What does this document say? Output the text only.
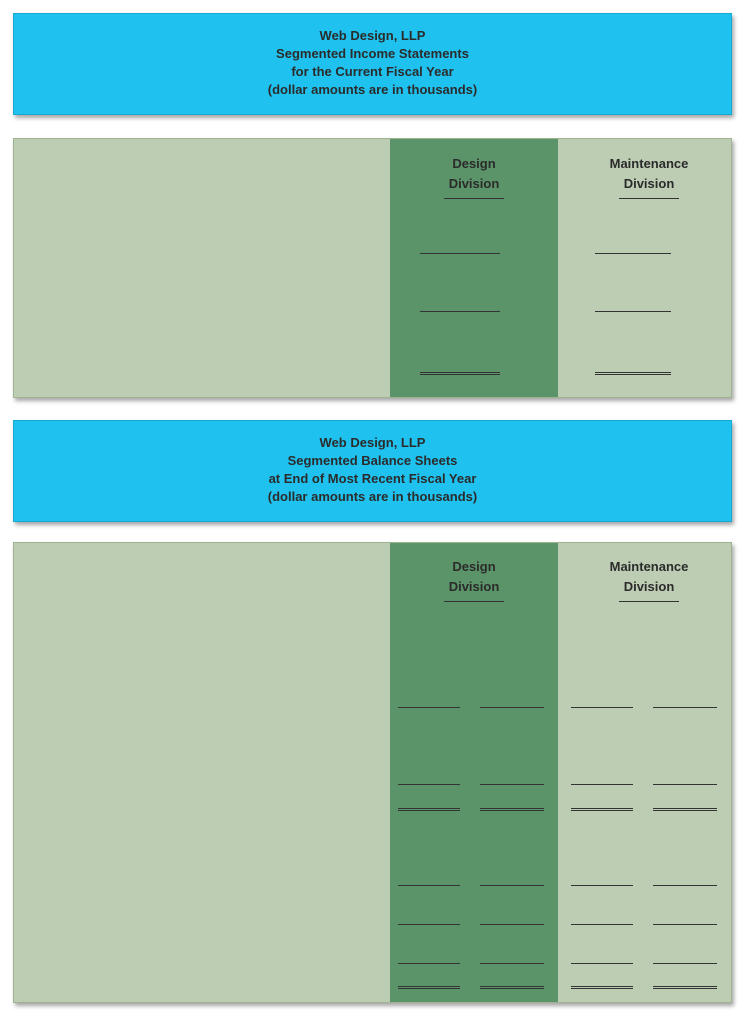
Web Design, LLP
Segmented Income Statements
for the Current Fiscal Year
(dollar amounts are in thousands)
Design
Division
Maintenance
Division
Web Design, LLP
Segmented Balance Sheets
at End of Most Recent Fiscal Year
(dollar amounts are in thousands)
Design
Division
Maintenance
Division
